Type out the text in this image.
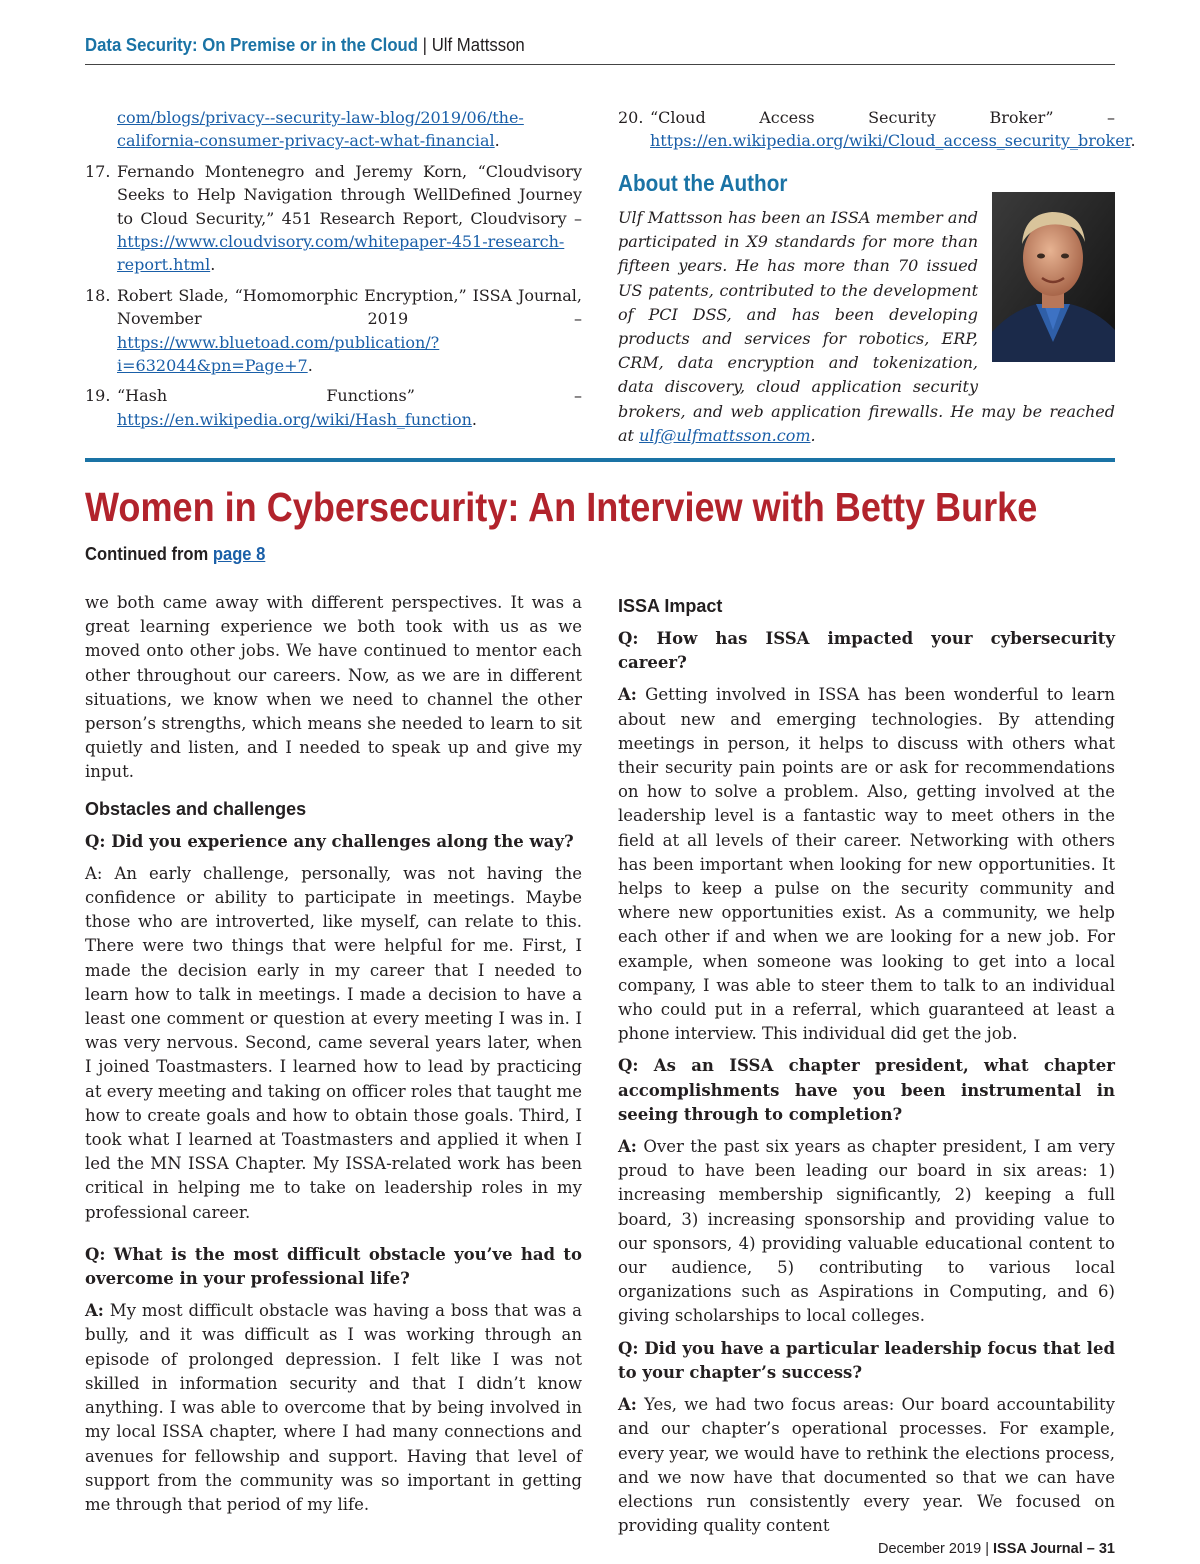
Data Security: On Premise or in the Cloud | Ulf Mattsson
com/blogs/privacy--security-law-blog/2019/06/the-california-consumer-privacy-act-what-financial.
17. Fernando Montenegro and Jeremy Korn, “Cloudvisory Seeks to Help Navigation through WellDefined Journey to Cloud Security,” 451 Research Report, Cloudvisory – https://www.cloudvisory.com/whitepaper-451-research-report.html.
18. Robert Slade, “Homomorphic Encryption,” ISSA Journal, November 2019 – https://www.bluetoad.com/publication/?i=632044&pn=Page+7.
19. “Hash Functions” – https://en.wikipedia.org/wiki/Hash_function.
20. “Cloud Access Security Broker” – https://en.wikipedia.org/wiki/Cloud_access_security_broker.
About the Author
Ulf Mattsson has been an ISSA member and participated in X9 standards for more than fifteen years. He has more than 70 issued US patents, contributed to the development of PCI DSS, and has been developing products and services for robotics, ERP, CRM, data encryption and tokenization, data discovery, cloud application security brokers, and web application firewalls. He may be reached at ulf@ulfmattsson.com.
Women in Cybersecurity: An Interview with Betty Burke
Continued from page 8

we both came away with different perspectives. It was a great learning experience we both took with us as we moved onto other jobs. We have continued to mentor each other throughout our careers. Now, as we are in different situations, we know when we need to channel the other person’s strengths, which means she needed to learn to sit quietly and listen, and I needed to speak up and give my input.

Obstacles and challenges

Q: Did you experience any challenges along the way?

A: An early challenge, personally, was not having the confidence or ability to participate in meetings. Maybe those who are introverted, like myself, can relate to this. There were two things that were helpful for me. First, I made the decision early in my career that I needed to learn how to talk in meetings. I made a decision to have a least one comment or question at every meeting I was in. I was very nervous. Second, came several years later, when I joined Toastmasters. I learned how to lead by practicing at every meeting and taking on officer roles that taught me how to create goals and how to obtain those goals. Third, I took what I learned at Toastmasters and applied it when I led the MN ISSA Chapter. My ISSA-related work has been critical in helping me to take on leadership roles in my professional career.

Q: What is the most difficult obstacle you’ve had to overcome in your professional life?

A: My most difficult obstacle was having a boss that was a bully, and it was difficult as I was working through an episode of prolonged depression. I felt like I was not skilled in information security and that I didn’t know anything. I was able to overcome that by being involved in my local ISSA chapter, where I had many connections and avenues for fellowship and support. Having that level of support from the community was so important in getting me through that period of my life.

ISSA Impact

Q: How has ISSA impacted your cybersecurity career?

A: Getting involved in ISSA has been wonderful to learn about new and emerging technologies. By attending meetings in person, it helps to discuss with others what their security pain points are or ask for recommendations on how to solve a problem. Also, getting involved at the leadership level is a fantastic way to meet others in the field at all levels of their career. Networking with others has been important when looking for new opportunities. It helps to keep a pulse on the security community and where new opportunities exist. As a community, we help each other if and when we are looking for a new job. For example, when someone was looking to get into a local company, I was able to steer them to talk to an individual who could put in a referral, which guaranteed at least a phone interview. This individual did get the job.

Q: As an ISSA chapter president, what chapter accomplishments have you been instrumental in seeing through to completion?

A: Over the past six years as chapter president, I am very proud to have been leading our board in six areas: 1) increasing membership significantly, 2) keeping a full board, 3) increasing sponsorship and providing value to our sponsors, 4) providing valuable educational content to our audience, 5) contributing to various local organizations such as Aspirations in Computing, and 6) giving scholarships to local colleges.

Q: Did you have a particular leadership focus that led to your chapter’s success?

A: Yes, we had two focus areas: Our board accountability and our chapter’s operational processes. For example, every year, we would have to rethink the elections process, and we now have that documented so that we can have elections run consistently every year. We focused on providing quality content

December 2019 | ISSA Journal – 31
